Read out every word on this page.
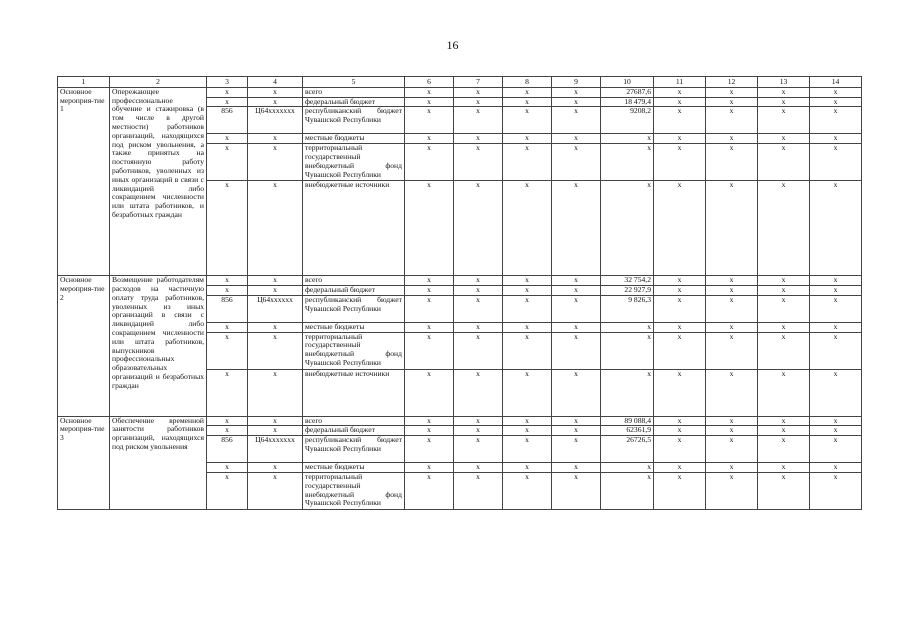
16
1	2	3	4	5	6	7	8	9	10	11	12	13	14
Основное мероприя-тие 1	Опережающее профессиональное обучение и стажировка (в том числе в другой местности) работников организаций, находящихся под риском увольнения, а также принятых на постоянную работу работников, уволенных из иных организаций в связи с ликвидацией либо сокращением численности или штата работников, и безработных граждан	х	х	всего	х	х	х	х	27687,6	х	х	х	х
		х	х	федеральный бюджет	х	х	х	х	18 479,4	х	х	х	х
		856	Ц64xxxxxxx	республиканский бюджет Чувашской Республики	х	х	х	х	9208,2	х	х	х	х
		х	х	местные бюджеты	х	х	х	х	х	х	х	х	х
		х	х	территориальный государственный внебюджетный фонд Чувашской Республики	х	х	х	х	х	х	х	х	х
		х	х	внебюджетные источники	х	х	х	х	х	х	х	х	х
Основное мероприя-тие 2	Возмещение работодателям расходов на частичную оплату труда работников, уволенных из иных организаций в связи с ликвидацией либо сокращением численности или штата работников, выпускников профессиональных образовательных организаций и безработных граждан	х	х	всего	х	х	х	х	32 754,2	х	х	х	х
		х	х	федеральный бюджет	х	х	х	х	22 927,9	х	х	х	х
		856	Ц64xxxxxx	республиканский бюджет Чувашской Республики	х	х	х	х	9 826,3	х	х	х	х
		х	х	местные бюджеты	х	х	х	х	х	х	х	х	х
		х	х	территориальный государственный внебюджетный фонд Чувашской Республики	х	х	х	х	х	х	х	х	х
		х	х	внебюджетные источники	х	х	х	х	х	х	х	х	х
Основное мероприя-тие 3	Обеспечение временной занятости работников организаций, находящихся под риском увольнения	х	х	всего	х	х	х	х	89 088,4	х	х	х	х
		х	х	федеральный бюджет	х	х	х	х	62361,9	х	х	х	х
		856	Ц64xxxxxxx	республиканский бюджет Чувашской Республики	х	х	х	х	26726,5	х	х	х	х
		х	х	местные бюджеты	х	х	х	х	х	х	х	х	х
		х	х	территориальный государственный внебюджетный фонд Чувашской Республики	х	х	х	х	х	х	х	х	х
